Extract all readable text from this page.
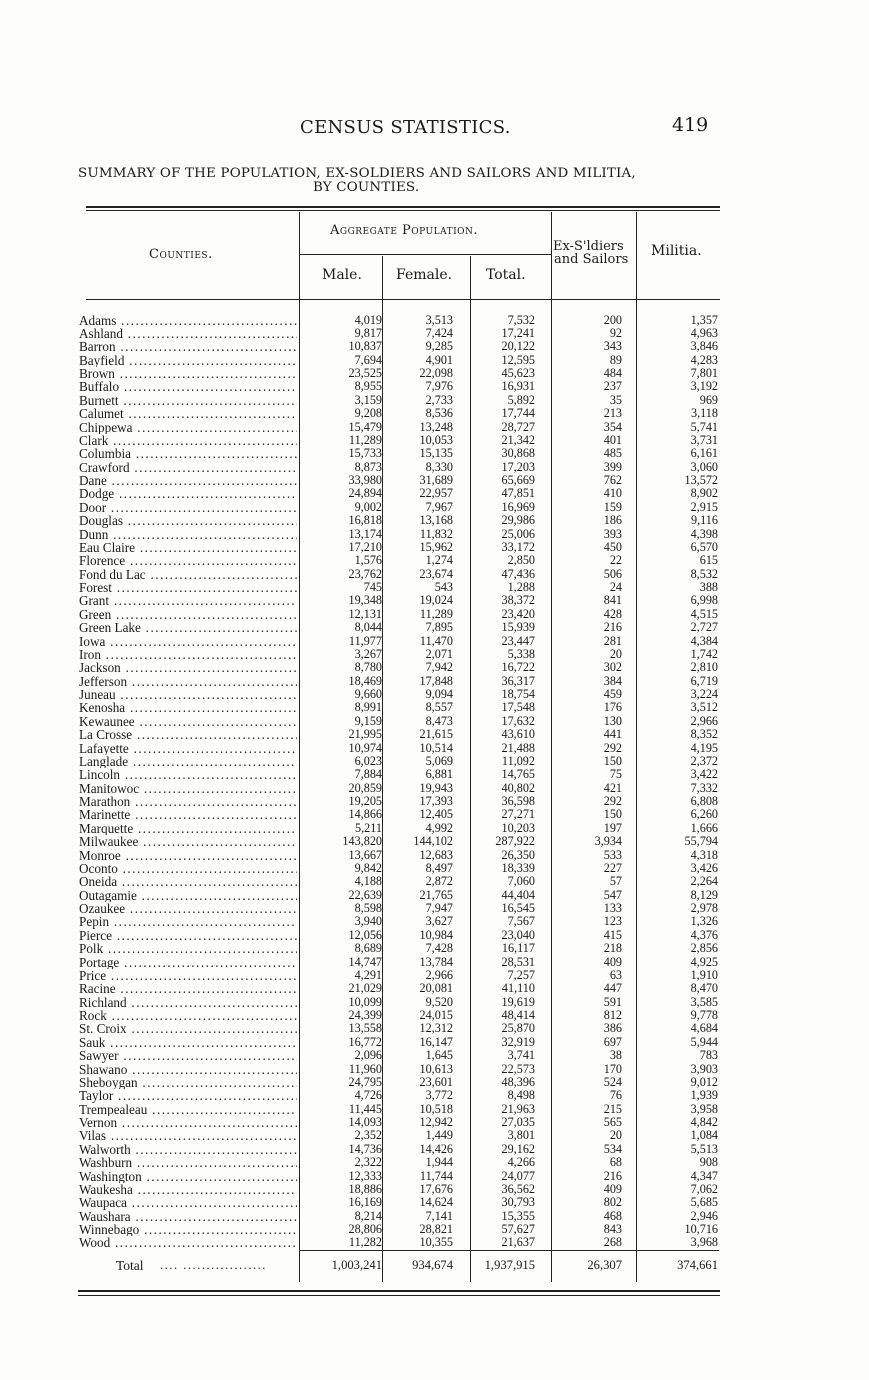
CENSUS STATISTICS.	419
SUMMARY OF THE POPULATION, EX-SOLDIERS AND SAILORS AND MILITIA,
BY COUNTIES.
Counties.
Aggregate Population.
Male. Female. Total.
Ex-S'ldiers
and Sailors
Militia.
Adams .....	4,019	3,513	7,532	200	1,357
Ashland .....	9,817	7,424	17,241	92	4,963
Barron .....	10,837	9,285	20,122	343	3,846
Bayfield .....	7,694	4,901	12,595	89	4,283
Brown .....	23,525	22,098	45,623	484	7,801
Buffalo .....	8,955	7,976	16,931	237	3,192
Burnett .....	3,159	2,733	5,892	35	969
Calumet .....	9,208	8,536	17,744	213	3,118
Chippewa .....	15,479	13,248	28,727	354	5,741
Clark .....	11,289	10,053	21,342	401	3,731
Columbia .....	15,733	15,135	30,868	485	6,161
Crawford .....	8,873	8,330	17,203	399	3,060
Dane .....	33,980	31,689	65,669	762	13,572
Dodge .....	24,894	22,957	47,851	410	8,902
Door .....	9,002	7,967	16,969	159	2,915
Douglas .....	16,818	13,168	29,986	186	9,116
Dunn .....	13,174	11,832	25,006	393	4,398
Eau Claire .....	17,210	15,962	33,172	450	6,570
Florence .....	1,576	1,274	2,850	22	615
Fond du Lac .....	23,762	23,674	47,436	506	8,532
Forest .....	745	543	1,288	24	388
Grant .....	19,348	19,024	38,372	841	6,998
Green .....	12,131	11,289	23,420	428	4,515
Green Lake .....	8,044	7,895	15,939	216	2,727
Iowa .....	11,977	11,470	23,447	281	4,384
Iron .....	3,267	2,071	5,338	20	1,742
Jackson .....	8,780	7,942	16,722	302	2,810
Jefferson .....	18,469	17,848	36,317	384	6,719
Juneau .....	9,660	9,094	18,754	459	3,224
Kenosha .....	8,991	8,557	17,548	176	3,512
Kewaunee .....	9,159	8,473	17,632	130	2,966
La Crosse .....	21,995	21,615	43,610	441	8,352
Lafayette .....	10,974	10,514	21,488	292	4,195
Langlade .....	6,023	5,069	11,092	150	2,372
Lincoln .....	7,884	6,881	14,765	75	3,422
Manitowoc .....	20,859	19,943	40,802	421	7,332
Marathon .....	19,205	17,393	36,598	292	6,808
Marinette .....	14,866	12,405	27,271	150	6,260
Marquette .....	5,211	4,992	10,203	197	1,666
Milwaukee .....	143,820	144,102	287,922	3,934	55,794
Monroe .....	13,667	12,683	26,350	533	4,318
Oconto .....	9,842	8,497	18,339	227	3,426
Oneida .....	4,188	2,872	7,060	57	2,264
Outagamie .....	22,639	21,765	44,404	547	8,129
Ozaukee .....	8,598	7,947	16,545	133	2,978
Pepin .....	3,940	3,627	7,567	123	1,326
Pierce .....	12,056	10,984	23,040	415	4,376
Polk .....	8,689	7,428	16,117	218	2,856
Portage .....	14,747	13,784	28,531	409	4,925
Price .....	4,291	2,966	7,257	63	1,910
Racine .....	21,029	20,081	41,110	447	8,470
Richland .....	10,099	9,520	19,619	591	3,585
Rock .....	24,399	24,015	48,414	812	9,778
St. Croix .....	13,558	12,312	25,870	386	4,684
Sauk .....	16,772	16,147	32,919	697	5,944
Sawyer .....	2,096	1,645	3,741	38	783
Shawano .....	11,960	10,613	22,573	170	3,903
Sheboygan .....	24,795	23,601	48,396	524	9,012
Taylor .....	4,726	3,772	8,498	76	1,939
Trempealeau .....	11,445	10,518	21,963	215	3,958
Vernon .....	14,093	12,942	27,035	565	4,842
Vilas .....	2,352	1,449	3,801	20	1,084
Walworth .....	14,736	14,426	29,162	534	5,513
Washburn .....	2,322	1,944	4,266	68	908
Washington .....	12,333	11,744	24,077	216	4,347
Waukesha .....	18,886	17,676	36,562	409	7,062
Waupaca .....	16,169	14,624	30,793	802	5,685
Waushara .....	8,214	7,141	15,355	468	2,946
Winnebago .....	28,806	28,821	57,627	843	10,716
Wood .....	11,282	10,355	21,637	268	3,968
Total .... ..................	1,003,241 934,674	1,937,915	26,307	374,661
